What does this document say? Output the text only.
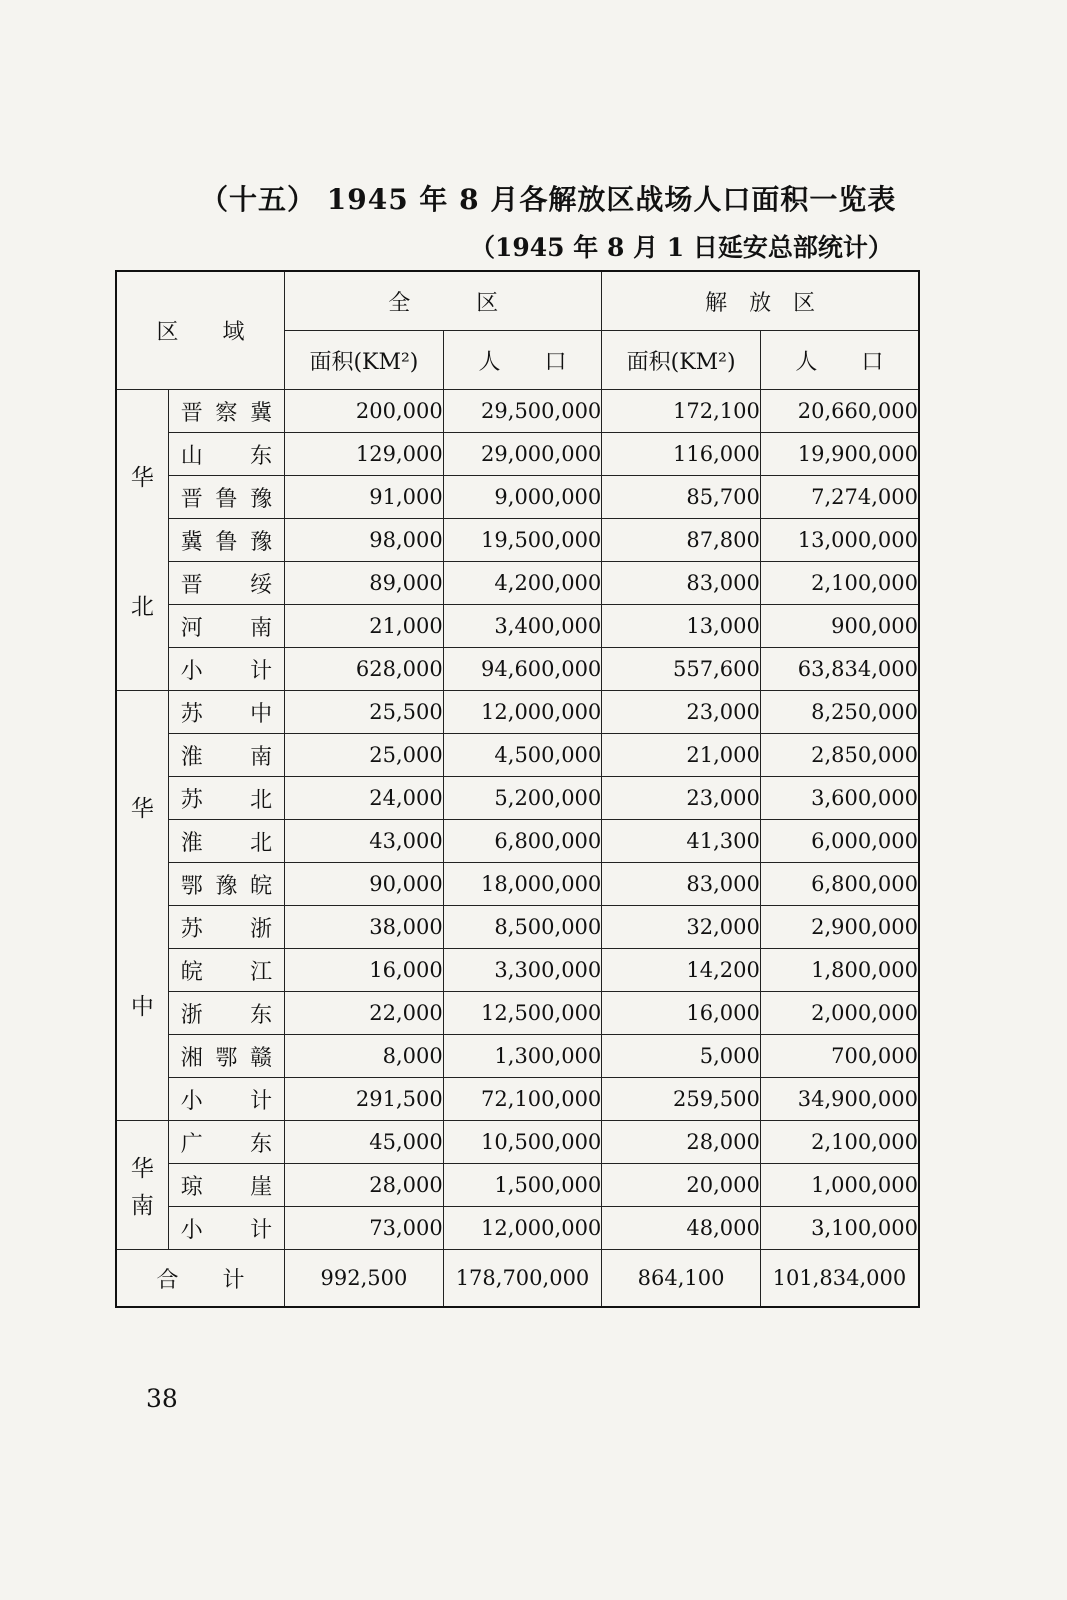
（十五） 1945 年 8 月各解放区战场人口面积一览表
（1945 年 8 月 1 日延安总部统计）
区　　域		全　　　区		解　放　区	
		面积(KM²)	人　　口	面积(KM²)	人　　口

华
北	晋 察 冀	200,000	29,500,000	172,100	20,660,000

	山 东	129,000	29,000,000	116,000	19,900,000

	晋 鲁 豫	91,000	9,000,000	85,700	7,274,000

	冀 鲁 豫	98,000	19,500,000	87,800	13,000,000

	晋 绥	89,000	4,200,000	83,000	2,100,000

	河 南	21,000	3,400,000	13,000	900,000

	小 计	628,000	94,600,000	557,600	63,834,000

华
中	苏 中	25,500	12,000,000	23,000	8,250,000

	淮 南	25,000	4,500,000	21,000	2,850,000

	苏 北	24,000	5,200,000	23,000	3,600,000

	淮 北	43,000	6,800,000	41,300	6,000,000

	鄂 豫 皖	90,000	18,000,000	83,000	6,800,000

	苏 浙	38,000	8,500,000	32,000	2,900,000

	皖 江	16,000	3,300,000	14,200	1,800,000

	浙 东	22,000	12,500,000	16,000	2,000,000

	湘 鄂 赣	8,000	1,300,000	5,000	700,000

	小 计	291,500	72,100,000	259,500	34,900,000

华
南	广 东	45,000	10,500,000	28,000	2,100,000

	琼 崖	28,000	1,500,000	20,000	1,000,000

	小 计	73,000	12,000,000	48,000	3,100,000
合　　计		992,500	178,700,000	864,100	101,834,000
38
